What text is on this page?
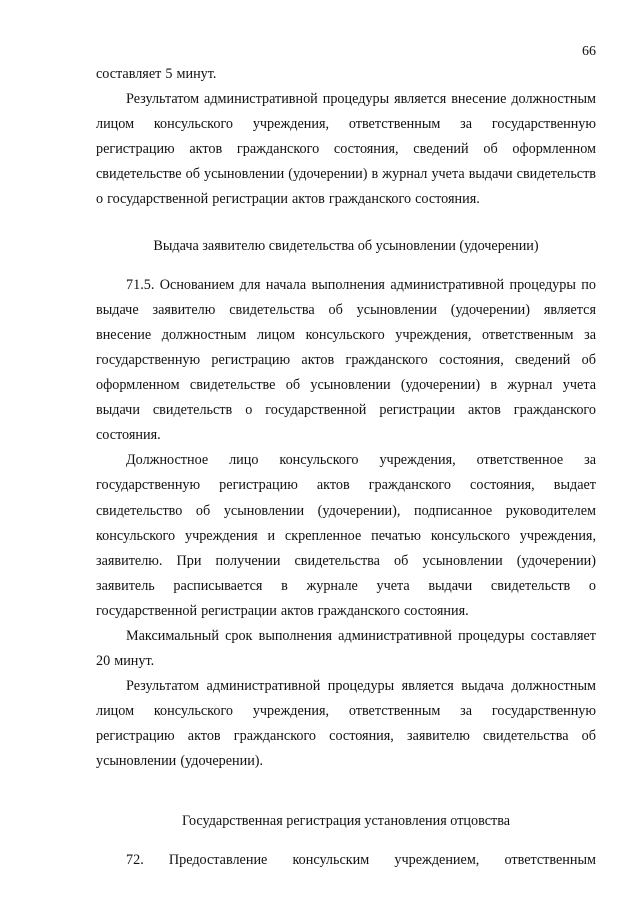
66

составляет 5 минут.

Результатом административной процедуры является внесение должностным лицом консульского учреждения, ответственным за государственную регистрацию актов гражданского состояния, сведений об оформленном свидетельстве об усыновлении (удочерении) в журнал учета выдачи свидетельств о государственной регистрации актов гражданского состояния.

Выдача заявителю свидетельства об усыновлении (удочерении)

71.5. Основанием для начала выполнения административной процедуры по выдаче заявителю свидетельства об усыновлении (удочерении) является внесение должностным лицом консульского учреждения, ответственным за государственную регистрацию актов гражданского состояния, сведений об оформленном свидетельстве об усыновлении (удочерении) в журнал учета выдачи свидетельств о государственной регистрации актов гражданского состояния.

Должностное лицо консульского учреждения, ответственное за государственную регистрацию актов гражданского состояния, выдает свидетельство об усыновлении (удочерении), подписанное руководителем консульского учреждения и скрепленное печатью консульского учреждения, заявителю. При получении свидетельства об усыновлении (удочерении) заявитель расписывается в журнале учета выдачи свидетельств о государственной регистрации актов гражданского состояния.

Максимальный срок выполнения административной процедуры составляет 20 минут.

Результатом административной процедуры является выдача должностным лицом консульского учреждения, ответственным за государственную регистрацию актов гражданского состояния, заявителю свидетельства об усыновлении (удочерении).

Государственная регистрация установления отцовства

72. Предоставление консульским учреждением, ответственным
